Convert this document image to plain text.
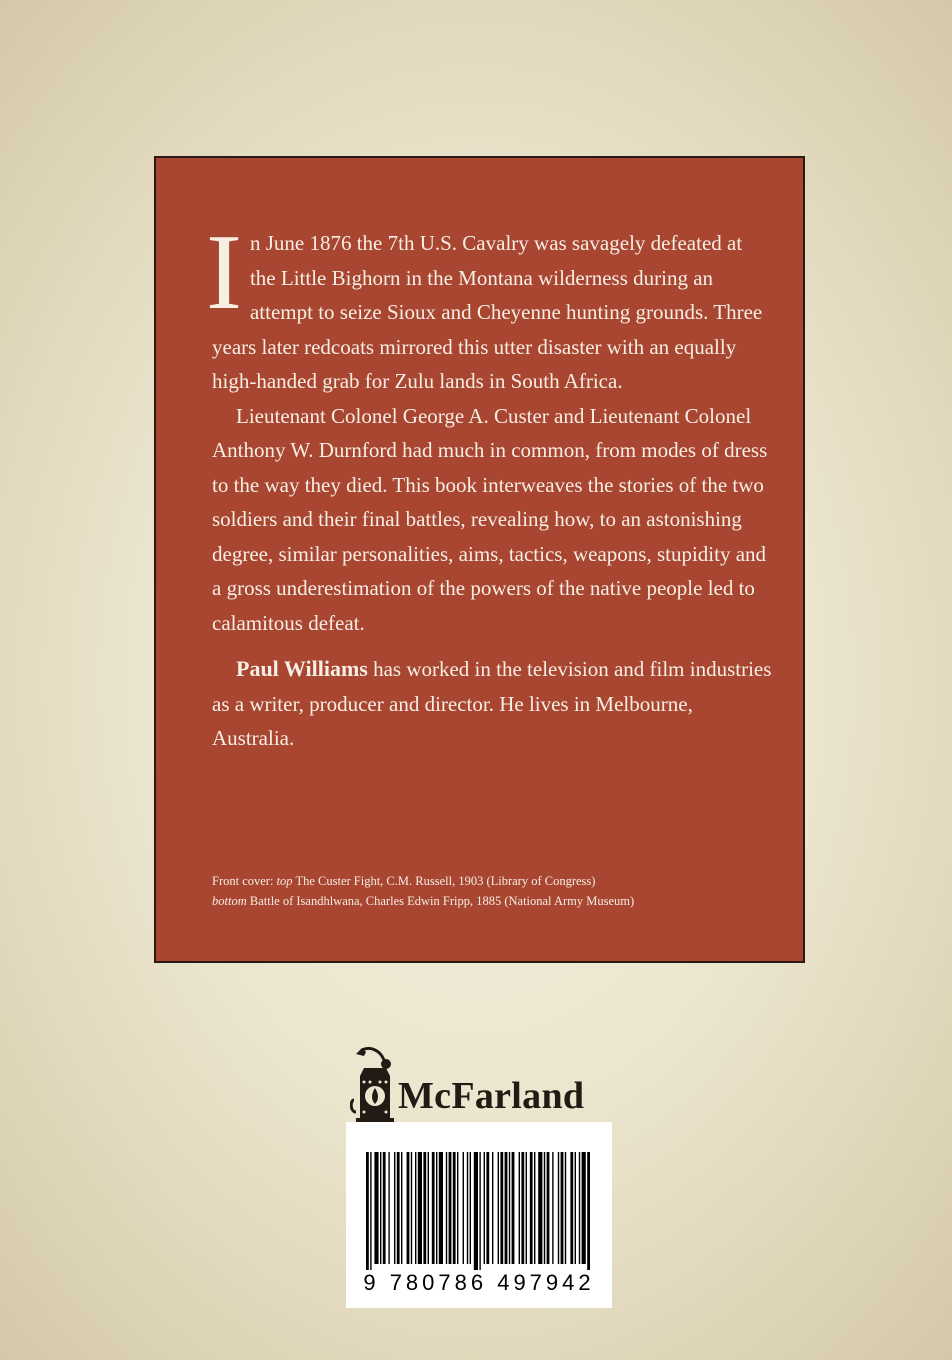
In June 1876 the 7th U.S. Cavalry was savagely defeated at the Little Bighorn in the Montana wilderness during an attempt to seize Sioux and Cheyenne hunting grounds. Three years later redcoats mirrored this utter disaster with an equally high-handed grab for Zulu lands in South Africa.

Lieutenant Colonel George A. Custer and Lieutenant Colonel Anthony W. Durnford had much in common, from modes of dress to the way they died. This book interweaves the stories of the two soldiers and their final battles, revealing how, to an astonishing degree, similar personalities, aims, tactics, weapons, stupidity and a gross underestimation of the powers of the native people led to calamitous defeat.

Paul Williams has worked in the television and film industries as a writer, producer and director. He lives in Melbourne, Australia.

Front cover: top The Custer Fight, C.M. Russell, 1903 (Library of Congress)
bottom Battle of Isandhlwana, Charles Edwin Fripp, 1885 (National Army Museum)
McFarland
9 780786 497942
